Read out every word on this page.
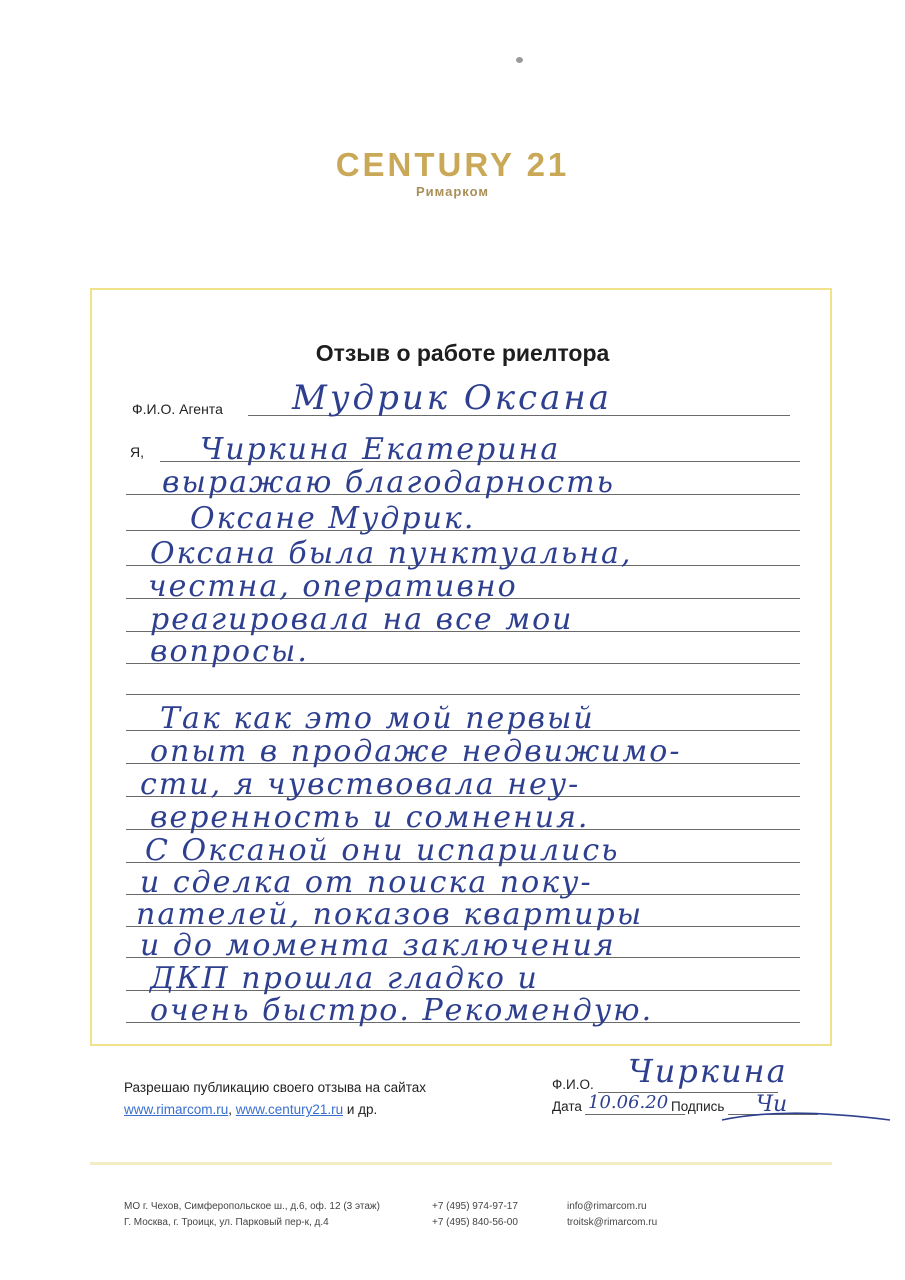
CENTURY 21
Римарком
Отзыв о работе риелтора
Ф.И.О. Агента Мудрик Оксана
Я, Чиркина Екатерина
выражаю благодарность
Оксане Мудрик.
Оксана была пунктуальна,
честна, оперативно
реагировала на все мои
вопросы.
Так как это мой первый
опыт в продаже недвижимо-
сти, я чувствовала неу-
веренность и сомнения.
С Оксаной они испарились
и сделка от поиска поку-
пателей, показов квартиры
и до момента заключения
ДКП прошла гладко и
очень быстро. Рекомендую.
Разрешаю публикацию своего отзыва на сайтах
www.rimarcom.ru, www.century21.ru и др.
Ф.И.О. Чиркина
Дата 10.06.20 Подпись Чи
МО г. Чехов, Симферопольское ш., д.6, оф. 12 (3 этаж)
Г. Москва, г. Троицк, ул. Парковый пер-к, д.4
+7 (495) 974-97-17
+7 (495) 840-56-00
info@rimarcom.ru
troitsk@rimarcom.ru
